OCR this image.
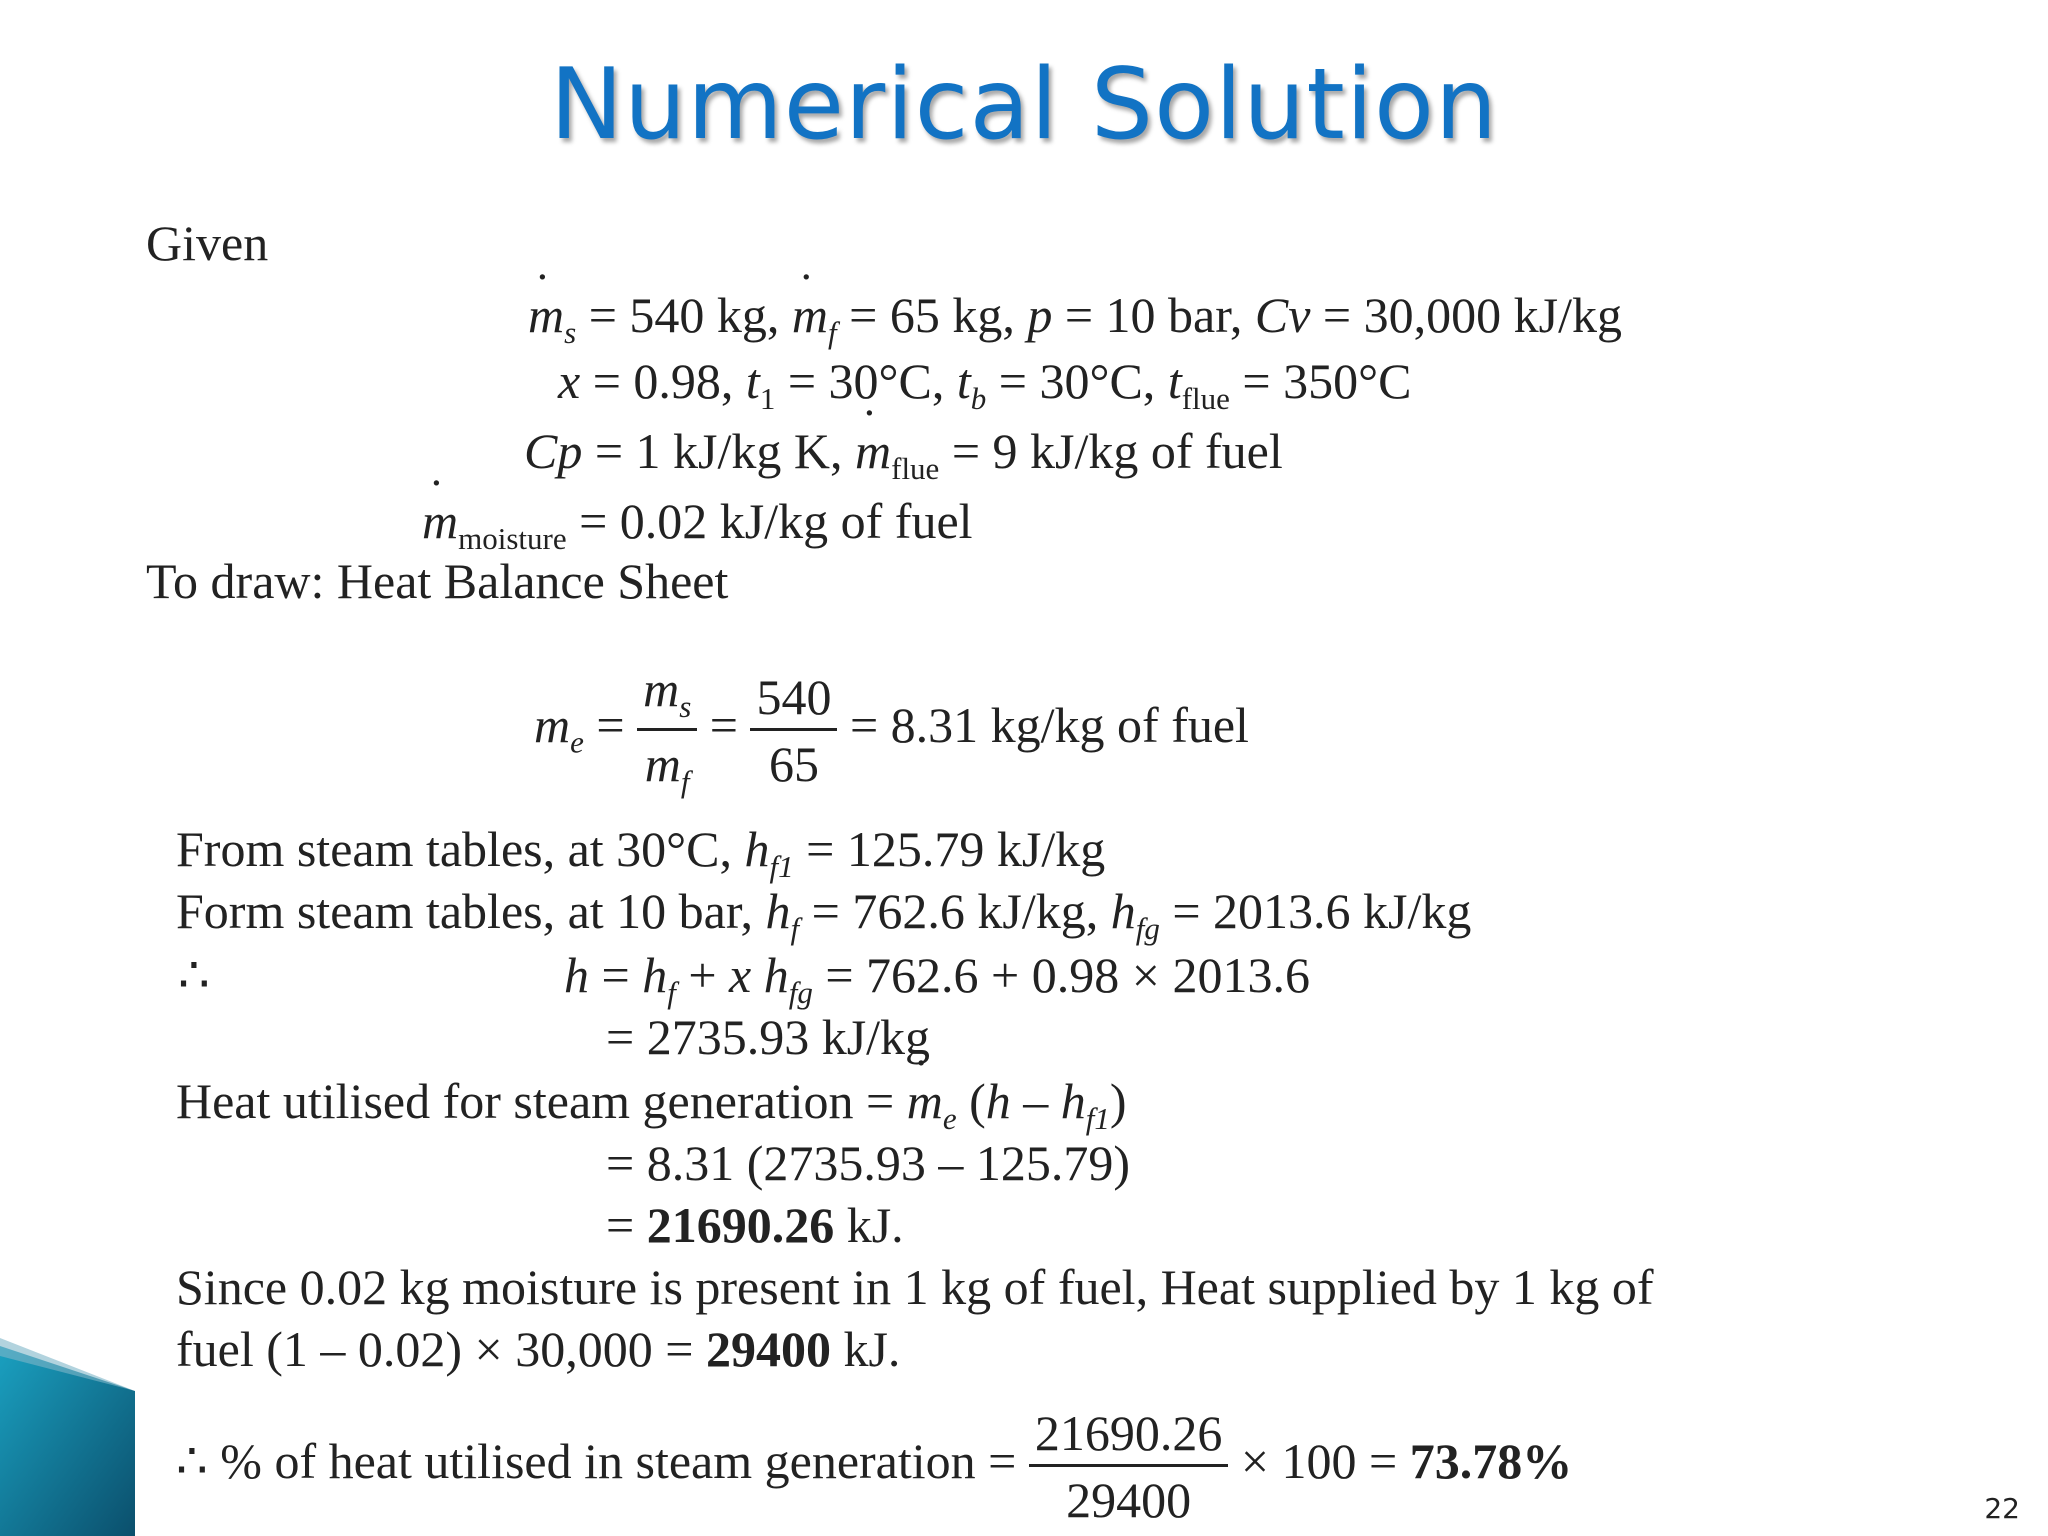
Numerical Solution
Given
˙ $m_s = 540$ kg, ˙ $m_f = 65$ kg, p = 10 bar, Cv = 30,000 kJ/kg
x = 0.98, $t_1 = 30^\circ C$, $t_b = 30^\circ C$, $t_{flue} = 350^\circ C$
Cp = 1 kJ/kg K, ˙ $m_{flue} = 9$ kJ/kg of fuel
˙ $m_{moisture} = 0.02$ kJ/kg of fuel
To draw: Heat Balance Sheet
$m_e = \frac{m_s}{m_f} = \frac{540}{65} = 8.31$ kg/kg of fuel
From steam tables, at 30°C, $h_{f1} = 125.79$ kJ/kg
Form steam tables, at 10 bar, $h_f = 762.6$ kJ/kg, $h_{fg} = 2013.6$ kJ/kg
∴	$h = h_f + x$ $h_{fg} = 762.6 + 0.98 \times 2013.6$
= 2735.93 kJ/kg
Heat utilised for steam generation = ˙ $m_e$ $(h - h_{f1})$
= 8.31 (2735.93 – 125.79)
= 21690.26 kJ.
Since 0.02 kg moisture is present in 1 kg of fuel, Heat supplied by 1 kg of
fuel (1 – 0.02) × 30,000 = 29400 kJ.
∴ % of heat utilised in steam generation = $\frac{21690.26}{29400} \times 100 = 73.78\%$
22
